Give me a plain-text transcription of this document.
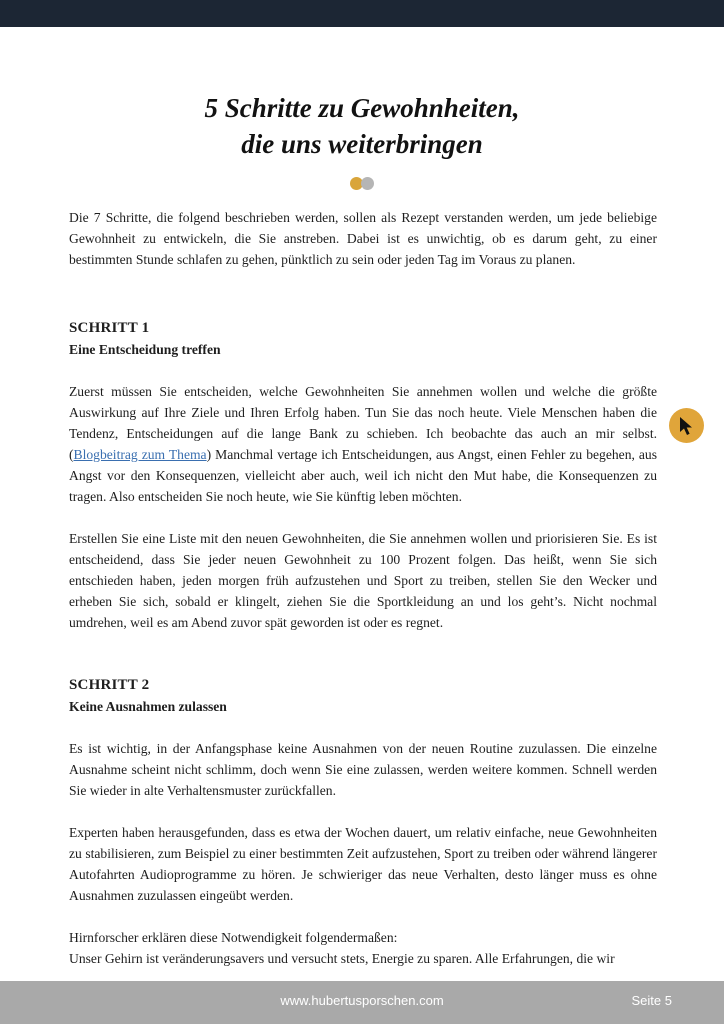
5 Schritte zu Gewohnheiten,
die uns weiterbringen

Die 7 Schritte, die folgend beschrieben werden, sollen als Rezept verstanden werden, um jede beliebige Gewohnheit zu entwickeln, die Sie anstreben. Dabei ist es unwichtig, ob es darum geht, zu einer bestimmten Stunde schlafen zu gehen, pünktlich zu sein oder jeden Tag im Voraus zu planen.

SCHRITT 1
Eine Entscheidung treffen

Zuerst müssen Sie entscheiden, welche Gewohnheiten Sie annehmen wollen und welche die größte Auswirkung auf Ihre Ziele und Ihren Erfolg haben. Tun Sie das noch heute. Viele Menschen haben die Tendenz, Entscheidungen auf die lange Bank zu schieben. Ich beobachte das auch an mir selbst. (Blogbeitrag zum Thema) Manchmal vertage ich Entscheidungen, aus Angst, einen Fehler zu begehen, aus Angst vor den Konsequenzen, vielleicht aber auch, weil ich nicht den Mut habe, die Konsequenzen zu tragen. Also entscheiden Sie noch heute, wie Sie künftig leben möchten.

Erstellen Sie eine Liste mit den neuen Gewohnheiten, die Sie annehmen wollen und priorisieren Sie. Es ist entscheidend, dass Sie jeder neuen Gewohnheit zu 100 Prozent folgen. Das heißt, wenn Sie sich entschieden haben, jeden morgen früh aufzustehen und Sport zu treiben, stellen Sie den Wecker und erheben Sie sich, sobald er klingelt, ziehen Sie die Sportkleidung an und los geht’s. Nicht nochmal umdrehen, weil es am Abend zuvor spät geworden ist oder es regnet.

SCHRITT 2
Keine Ausnahmen zulassen

Es ist wichtig, in der Anfangsphase keine Ausnahmen von der neuen Routine zuzulassen. Die einzelne Ausnahme scheint nicht schlimm, doch wenn Sie eine zulassen, werden weitere kommen. Schnell werden Sie wieder in alte Verhaltensmuster zurückfallen.

Experten haben herausgefunden, dass es etwa der Wochen dauert, um relativ einfache, neue Gewohnheiten zu stabilisieren, zum Beispiel zu einer bestimmten Zeit aufzustehen, Sport zu treiben oder während längerer Autofahrten Audioprogramme zu hören. Je schwieriger das neue Verhalten, desto länger muss es ohne Ausnahmen zuzulassen eingeübt werden.

Hirnforscher erklären diese Notwendigkeit folgendermaßen:

Unser Gehirn ist veränderungsavers und versucht stets, Energie zu sparen. Alle Erfahrungen, die wir

www.hubertusporschen.com	Seite 5
